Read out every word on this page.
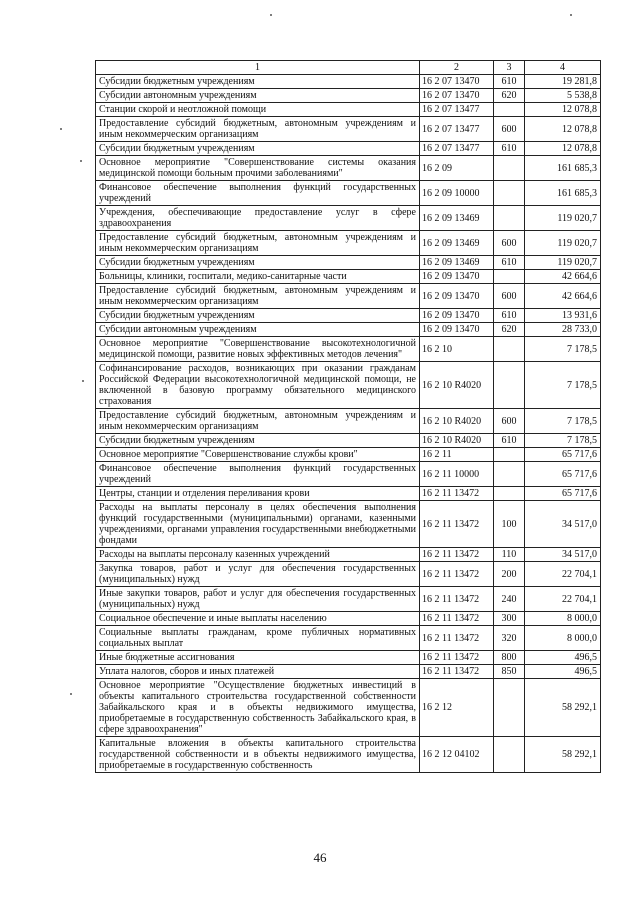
1	2	3	4
Субсидии бюджетным учреждениям	16 2 07 13470	610	19 281,8
Субсидии автономным учреждениям	16 2 07 13470	620	5 538,8
Станции скорой и неотложной помощи	16 2 07 13477		12 078,8
Предоставление субсидий бюджетным, автономным учреждениям и иным некоммерческим организациям	16 2 07 13477	600	12 078,8
Субсидии бюджетным учреждениям	16 2 07 13477	610	12 078,8
Основное мероприятие "Совершенствование системы оказания медицинской помощи больным прочими заболеваниями"	16 2 09		161 685,3
Финансовое обеспечение выполнения функций государственных учреждений	16 2 09 10000		161 685,3
Учреждения, обеспечивающие предоставление услуг в сфере здравоохранения	16 2 09 13469		119 020,7
Предоставление субсидий бюджетным, автономным учреждениям и иным некоммерческим организациям	16 2 09 13469	600	119 020,7
Субсидии бюджетным учреждениям	16 2 09 13469	610	119 020,7
Больницы, клиники, госпитали, медико-санитарные части	16 2 09 13470		42 664,6
Предоставление субсидий бюджетным, автономным учреждениям и иным некоммерческим организациям	16 2 09 13470	600	42 664,6
Субсидии бюджетным учреждениям	16 2 09 13470	610	13 931,6
Субсидии автономным учреждениям	16 2 09 13470	620	28 733,0
Основное мероприятие "Совершенствование высокотехнологичной медицинской помощи, развитие новых эффективных методов лечения"	16 2 10		7 178,5
Софинансирование расходов, возникающих при оказании гражданам Российской Федерации высокотехнологичной медицинской помощи, не включенной в базовую программу обязательного медицинского страхования	16 2 10 R4020		7 178,5
Предоставление субсидий бюджетным, автономным учреждениям и иным некоммерческим организациям	16 2 10 R4020	600	7 178,5
Субсидии бюджетным учреждениям	16 2 10 R4020	610	7 178,5
Основное мероприятие "Совершенствование службы крови"	16 2 11		65 717,6
Финансовое обеспечение выполнения функций государственных учреждений	16 2 11 10000		65 717,6
Центры, станции и отделения переливания крови	16 2 11 13472		65 717,6
Расходы на выплаты персоналу в целях обеспечения выполнения функций государственными (муниципальными) органами, казенными учреждениями, органами управления государственными внебюджетными фондами	16 2 11 13472	100	34 517,0
Расходы на выплаты персоналу казенных учреждений	16 2 11 13472	110	34 517,0
Закупка товаров, работ и услуг для обеспечения государственных (муниципальных) нужд	16 2 11 13472	200	22 704,1
Иные закупки товаров, работ и услуг для обеспечения государственных (муниципальных) нужд	16 2 11 13472	240	22 704,1
Социальное обеспечение и иные выплаты населению	16 2 11 13472	300	8 000,0
Социальные выплаты гражданам, кроме публичных нормативных социальных выплат	16 2 11 13472	320	8 000,0
Иные бюджетные ассигнования	16 2 11 13472	800	496,5
Уплата налогов, сборов и иных платежей	16 2 11 13472	850	496,5
Основное мероприятие "Осуществление бюджетных инвестиций в объекты капитального строительства государственной собственности Забайкальского края и в объекты недвижимого имущества, приобретаемые в государственную собственность Забайкальского края, в сфере здравоохранения"	16 2 12		58 292,1
Капитальные вложения в объекты капитального строительства государственной собственности и в объекты недвижимого имущества, приобретаемые в государственную собственность	16 2 12 04102		58 292,1
46
